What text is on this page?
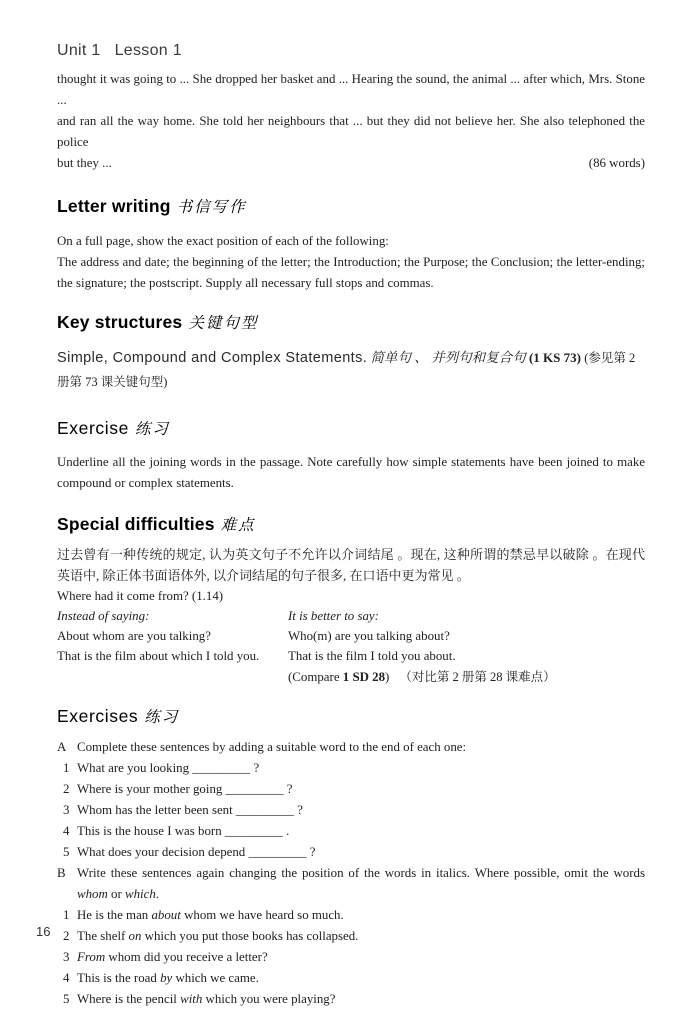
Unit 1 Lesson 1

thought it was going to ... She dropped her basket and ... Hearing the sound, the animal ... after which, Mrs. Stone ...

and ran all the way home. She told her neighbours that ... but they did not believe her. She also telephoned the police

but they ...	(86 words)
Letter writing 书信写作

On a full page, show the exact position of each of the following:

The address and date; the beginning of the letter; the Introduction; the Purpose; the Conclusion; the letter-ending; the signature; the postscript. Supply all necessary full stops and commas.

Key structures 关键句型

Simple, Compound and Complex Statements. 简单句 、 并列句和复合句 (1 KS 73) (参见第 2 册第 73 课关键句型)

Exercise 练习

Underline all the joining words in the passage. Note carefully how simple statements have been joined to make compound or complex statements.

Special difficulties 难点

过去曾有一种传统的规定, 认为英文句子不允许以介词结尾 。现在, 这种所谓的禁忌早以破除 。在现代英语中, 除正体书面语体外, 以介词结尾的句子很多, 在口语中更为常见 。

Where had it come from? (1.14)

Instead of saying:	It is better to say:
About whom are you talking?	Who(m) are you talking about?
That is the film about which I told you.	That is the film I told you about.
(Compare 1 SD 28) （对比第 2 册第 28 课难点）
Exercises 练习
A Complete these sentences by adding a suitable word to the end of each one:
1 What are you looking _________ ?
2 Where is your mother going _________ ?
3 Whom has the letter been sent _________ ?
4 This is the house I was born _________ .
5 What does your decision depend _________ ?
B Write these sentences again changing the position of the words in italics. Where possible, omit the words whom or which.
1 He is the man about whom we have heard so much.
2 The shelf on which you put those books has collapsed.
3 From whom did you receive a letter?
4 This is the road by which we came.
5 Where is the pencil with which you were playing?
16
